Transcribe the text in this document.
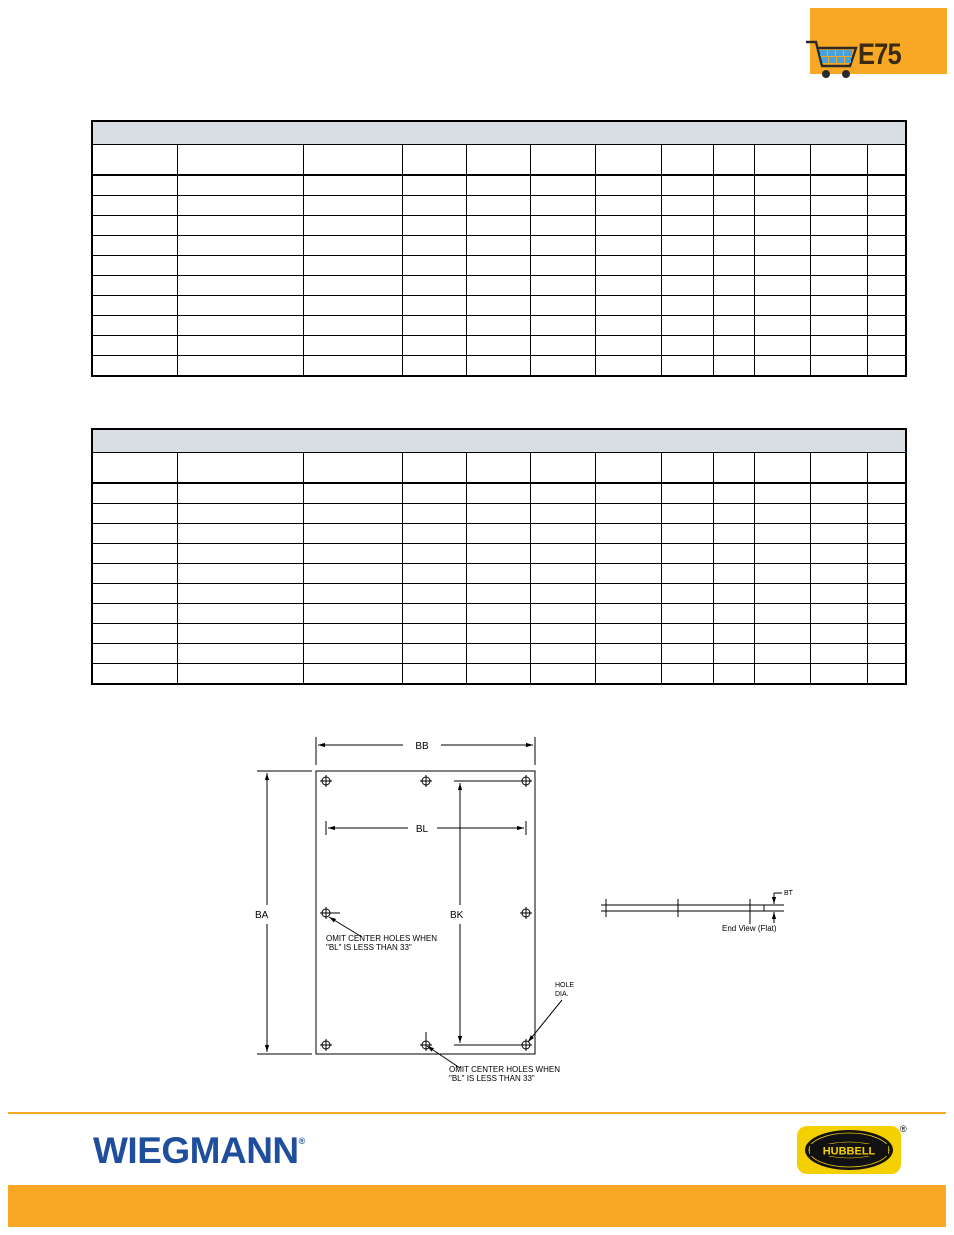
E75

BB
BL
BA	BK
BT
OMIT CENTER HOLES WHEN
"BL" IS LESS THAN 33"
OMIT CENTER HOLES WHEN
"BL" IS LESS THAN 33"
HOLE
DIA.
End View (Flat)
WIEGMANN®
HUBBELL
®
